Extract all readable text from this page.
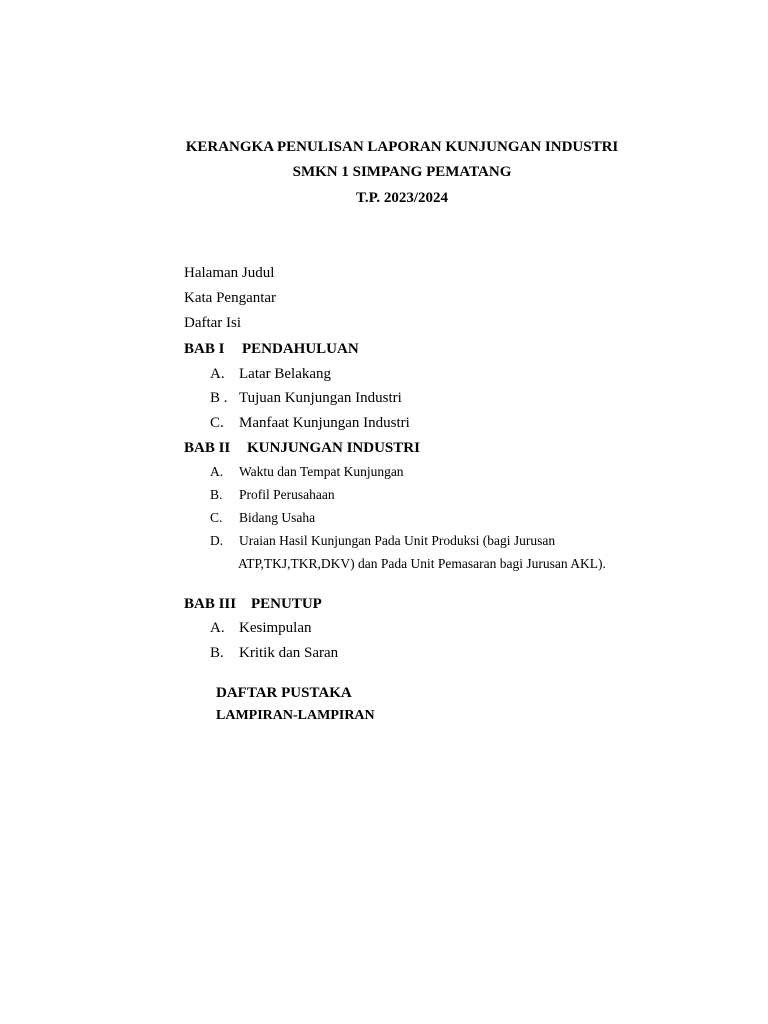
KERANGKA PENULISAN LAPORAN KUNJUNGAN INDUSTRI
SMKN 1 SIMPANG PEMATANG
T.P. 2023/2024
Halaman Judul
Kata Pengantar
Daftar Isi
BAB I PENDAHULUAN
A. Latar Belakang
B . Tujuan Kunjungan Industri
C. Manfaat Kunjungan Industri
BAB II KUNJUNGAN INDUSTRI
A. Waktu dan Tempat Kunjungan
B. Profil Perusahaan
C. Bidang Usaha
D. Uraian Hasil Kunjungan Pada Unit Produksi (bagi Jurusan
ATP,TKJ,TKR,DKV) dan Pada Unit Pemasaran bagi Jurusan AKL).
BAB III PENUTUP
A. Kesimpulan
B. Kritik dan Saran
DAFTAR PUSTAKA
LAMPIRAN-LAMPIRAN
